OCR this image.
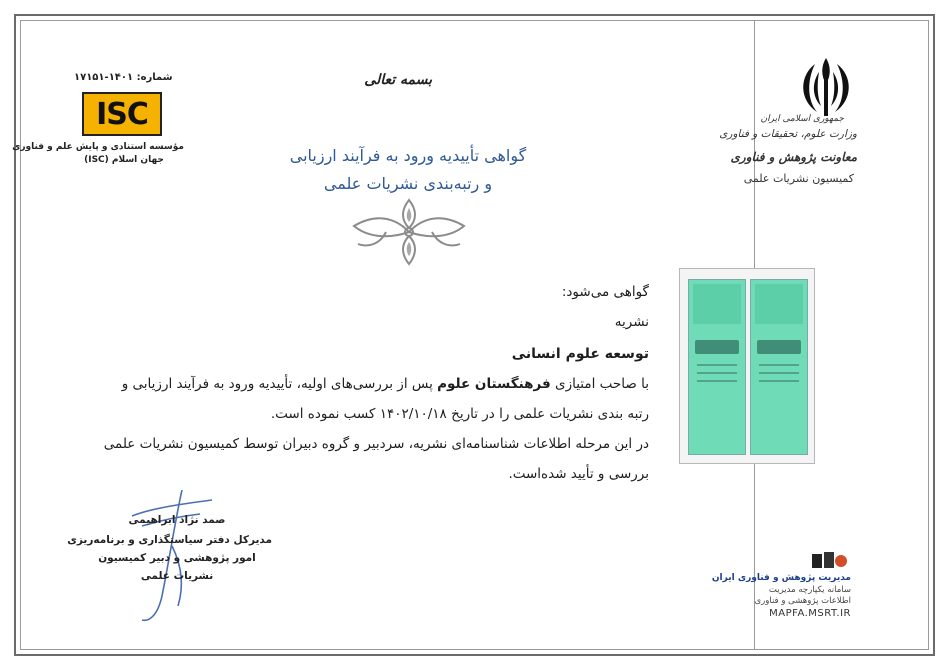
جمهوری اسلامی ایران
وزارت علوم، تحقیقات و فناوری
معاونت پژوهش و فناوری
کمیسیون نشریات علمی
مدیریت پژوهش و فناوری ایران
سامانه یکپارچه مدیریت
اطلاعات پژوهشی و فناوری
MAPFA.MSRT.IR
شماره: ۱۴۰۱-۱۷۱۵۱
ISC
مؤسسه استنادی و پایش علم و فناوری
جهان اسلام (ISC)
بسمه تعالی
گواهی تأییدیه ورود به فرآیند ارزیابی
و رتبه‌بندی نشریات علمی
گواهی می‌شود:
نشریه
توسعه علوم انسانی
با صاحب امتیازی فرهنگستان علوم پس از بررسی‌های اولیه، تأییدیه ورود به فرآیند ارزیابی و
رتبه بندی نشریات علمی را در تاریخ ۱۴۰۲/۱۰/۱۸ کسب نموده است.
در این مرحله اطلاعات شناسنامه‌ای نشریه، سردبیر و گروه دبیران توسط کمیسیون نشریات علمی
بررسی و تأیید شده‌است.
صمد نژاد ابراهیمی
مدیرکل دفتر سیاستگذاری و برنامه‌ریزی
امور پژوهشی و دبیر کمیسیون
نشریات علمی
